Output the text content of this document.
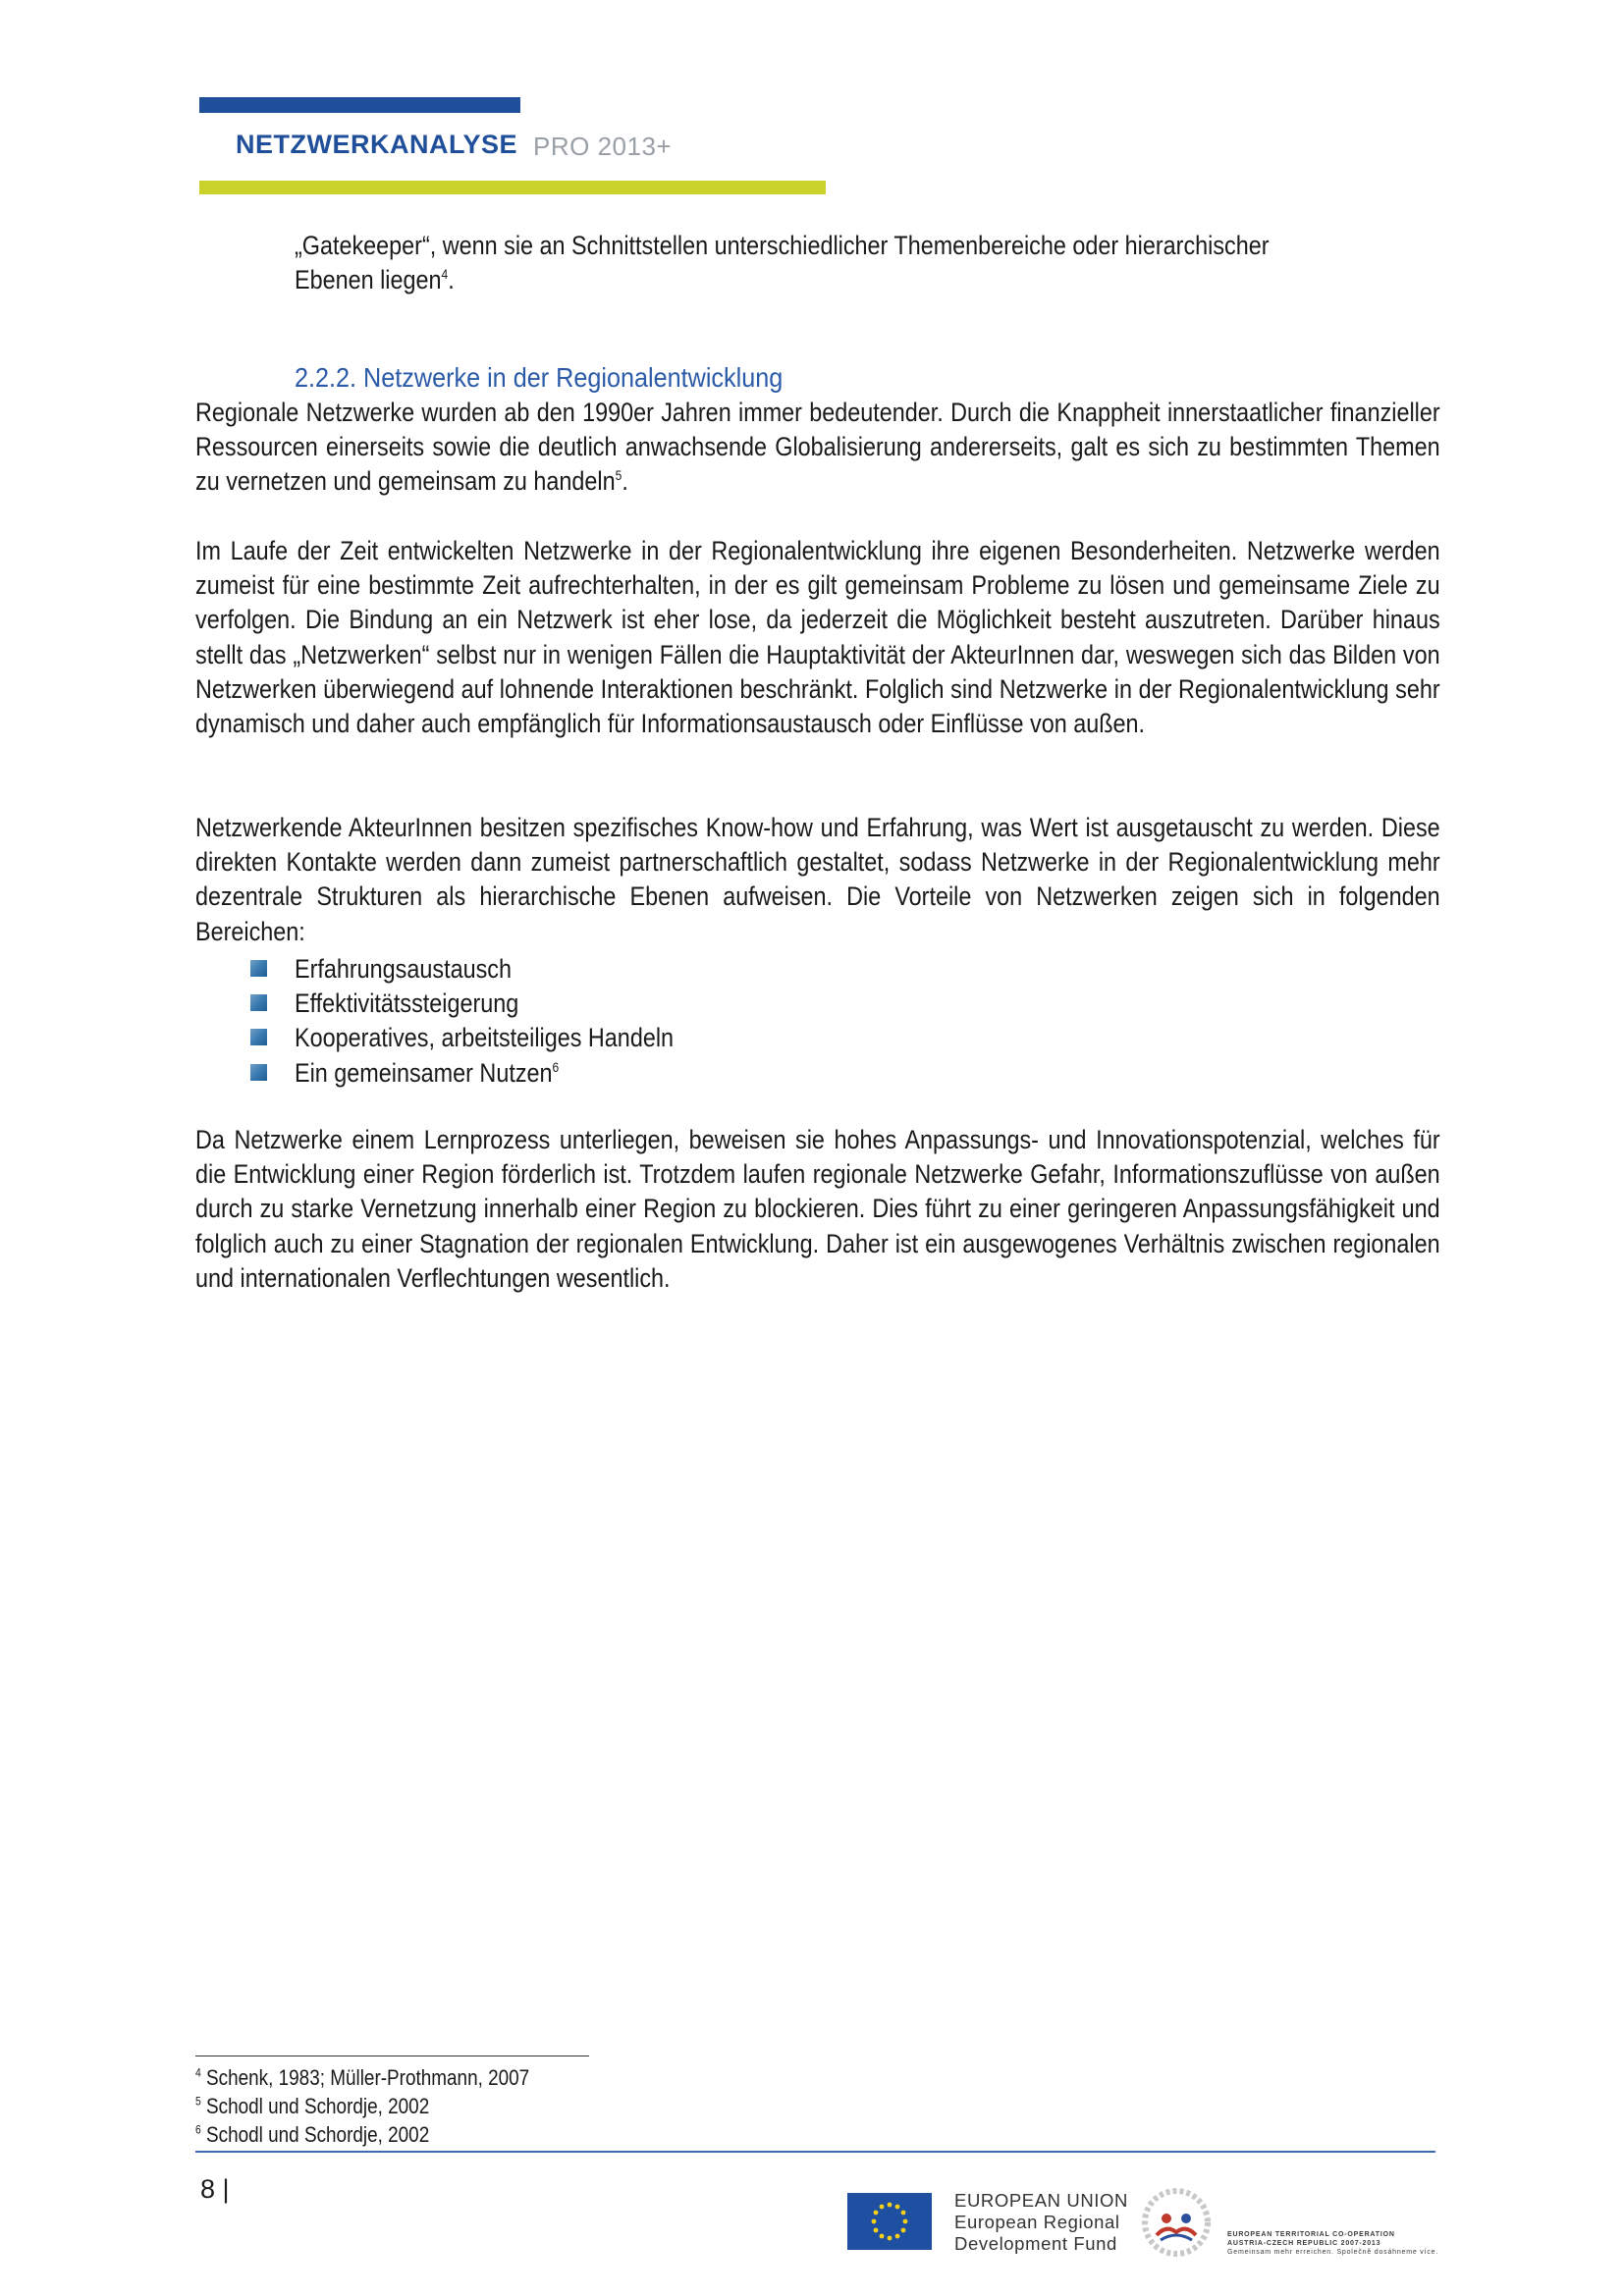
NETZWERKANALYSE PRO 2013+
„Gatekeeper“, wenn sie an Schnittstellen unterschiedlicher Themenbereiche oder hierarchischer
Ebenen liegen$^4$.
2.2.2. Netzwerke in der Regionalentwicklung
Regionale Netzwerke wurden ab den 1990er Jahren immer bedeutender. Durch die Knappheit innerstaatlicher finanzieller Ressourcen einerseits sowie die deutlich anwachsende Globalisierung andererseits, galt es sich zu bestimmten Themen zu vernetzen und gemeinsam zu handeln$^5$.
Im Laufe der Zeit entwickelten Netzwerke in der Regionalentwicklung ihre eigenen Besonderheiten. Netzwerke werden zumeist für eine bestimmte Zeit aufrechterhalten, in der es gilt gemeinsam Probleme zu lösen und gemeinsame Ziele zu verfolgen. Die Bindung an ein Netzwerk ist eher lose, da jederzeit die Möglichkeit besteht auszutreten. Darüber hinaus stellt das „Netzwerken“ selbst nur in wenigen Fällen die Hauptaktivität der AkteurInnen dar, weswegen sich das Bilden von Netzwerken überwiegend auf lohnende Interaktionen beschränkt. Folglich sind Netzwerke in der Regionalentwicklung sehr dynamisch und daher auch empfänglich für Informationsaustausch oder Einflüsse von außen.
Netzwerkende AkteurInnen besitzen spezifisches Know-how und Erfahrung, was Wert ist ausgetauscht zu werden. Diese direkten Kontakte werden dann zumeist partnerschaftlich gestaltet, sodass Netzwerke in der Regionalentwicklung mehr dezentrale Strukturen als hierarchische Ebenen aufweisen. Die Vorteile von Netzwerken zeigen sich in folgenden Bereichen:
Erfahrungsaustausch
Effektivitätssteigerung
Kooperatives, arbeitsteiliges Handeln
Ein gemeinsamer Nutzen$^6$
Da Netzwerke einem Lernprozess unterliegen, beweisen sie hohes Anpassungs- und Innovationspotenzial, welches für die Entwicklung einer Region förderlich ist. Trotzdem laufen regionale Netzwerke Gefahr, Informationszuflüsse von außen durch zu starke Vernetzung innerhalb einer Region zu blockieren. Dies führt zu einer geringeren Anpassungsfähigkeit und folglich auch zu einer Stagnation der regionalen Entwicklung. Daher ist ein ausgewogenes Verhältnis zwischen regionalen und internationalen Verflechtungen wesentlich.
$^4$ Schenk, 1983; Müller-Prothmann, 2007
$^5$ Schodl und Schordje, 2002
$^6$ Schodl und Schordje, 2002
8 |	EUROPEAN UNION
European Regional
Development Fund	EUROPEAN TERRITORIAL CO-OPERATION
AUSTRIA-CZECH REPUBLIC 2007-2013
Gemeinsam mehr erreichen. Společně dosáhneme více.
